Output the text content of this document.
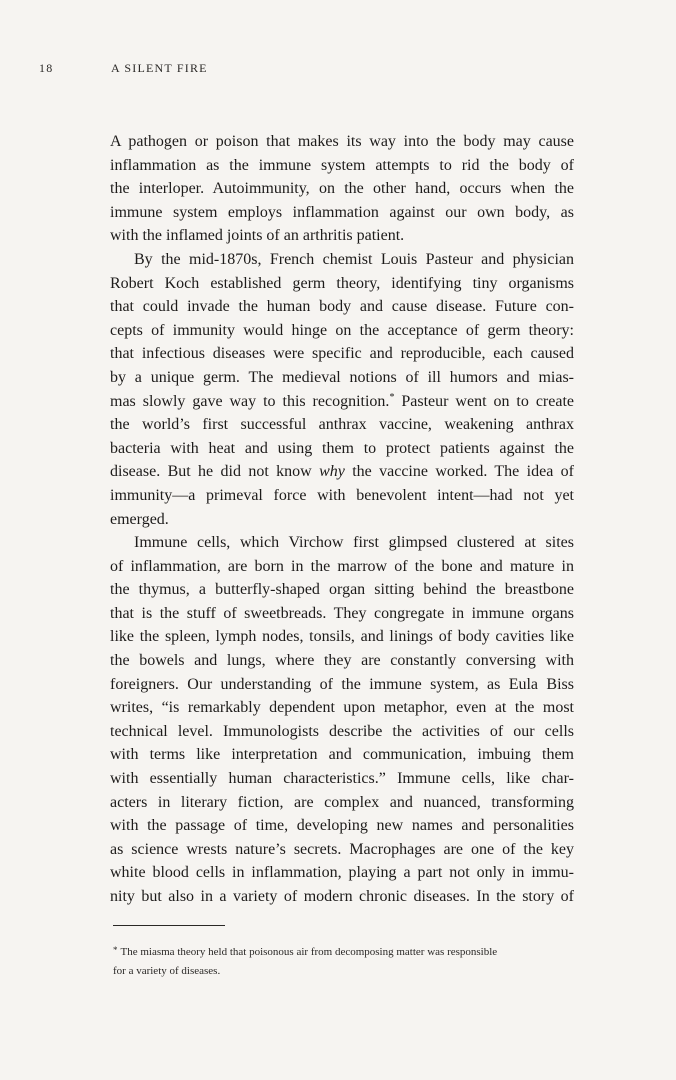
18	A SILENT FIRE
A pathogen or poison that makes its way into the body may cause
inflammation as the immune system attempts to rid the body of
the interloper. Autoimmunity, on the other hand, occurs when the
immune system employs inflammation against our own body, as
with the inflamed joints of an arthritis patient.
By the mid-1870s, French chemist Louis Pasteur and physician
Robert Koch established germ theory, identifying tiny organisms
that could invade the human body and cause disease. Future con-
cepts of immunity would hinge on the acceptance of germ theory:
that infectious diseases were specific and reproducible, each caused
by a unique germ. The medieval notions of ill humors and mias-
mas slowly gave way to this recognition.* Pasteur went on to create
the world’s first successful anthrax vaccine, weakening anthrax
bacteria with heat and using them to protect patients against the
disease. But he did not know why the vaccine worked. The idea of
immunity—a primeval force with benevolent intent—had not yet
emerged.
Immune cells, which Virchow first glimpsed clustered at sites
of inflammation, are born in the marrow of the bone and mature in
the thymus, a butterfly-shaped organ sitting behind the breastbone
that is the stuff of sweetbreads. They congregate in immune organs
like the spleen, lymph nodes, tonsils, and linings of body cavities like
the bowels and lungs, where they are constantly conversing with
foreigners. Our understanding of the immune system, as Eula Biss
writes, “is remarkably dependent upon metaphor, even at the most
technical level. Immunologists describe the activities of our cells
with terms like interpretation and communication, imbuing them
with essentially human characteristics.” Immune cells, like char-
acters in literary fiction, are complex and nuanced, transforming
with the passage of time, developing new names and personalities
as science wrests nature’s secrets. Macrophages are one of the key
white blood cells in inflammation, playing a part not only in immu-
nity but also in a variety of modern chronic diseases. In the story of
* The miasma theory held that poisonous air from decomposing matter was responsible
for a variety of diseases.
